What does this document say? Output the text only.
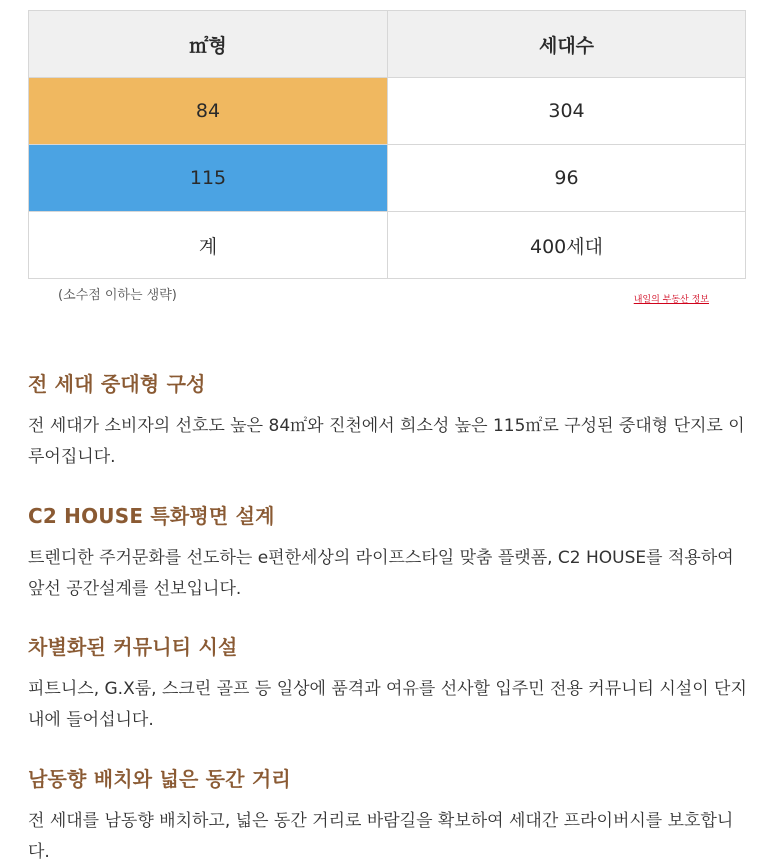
㎡형	세대수
84	304
115	96
계	400세대
(소수점 이하는 생략)	내일의 부동산 정보
전 세대 중대형 구성

전 세대가 소비자의 선호도 높은 84㎡와 진천에서 희소성 높은 115㎡로 구성된 중대형 단지로 이루어집니다.

C2 HOUSE 특화평면 설계

트렌디한 주거문화를 선도하는 e편한세상의 라이프스타일 맞춤 플랫폼, C2 HOUSE를 적용하여 앞선 공간설계를 선보입니다.

차별화된 커뮤니티 시설

피트니스, G.X룸, 스크린 골프 등 일상에 품격과 여유를 선사할 입주민 전용 커뮤니티 시설이 단지 내에 들어섭니다.

남동향 배치와 넓은 동간 거리

전 세대를 남동향 배치하고, 넓은 동간 거리로 바람길을 확보하여 세대간 프라이버시를 보호합니다.
